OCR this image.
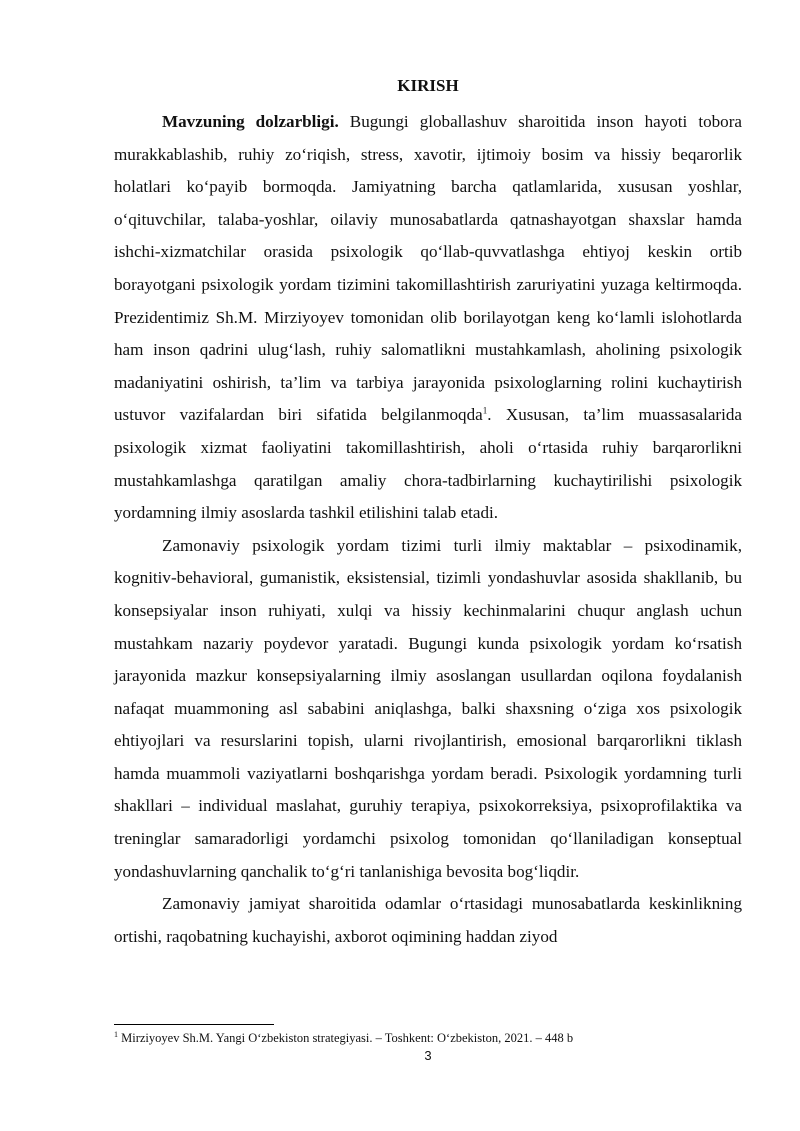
KIRISH

Mavzuning dolzarbligi. Bugungi globallashuv sharoitida inson hayoti tobora murakkablashib, ruhiy zo‘riqish, stress, xavotir, ijtimoiy bosim va hissiy beqarorlik holatlari ko‘payib bormoqda. Jamiyatning barcha qatlamlarida, xususan yoshlar, o‘qituvchilar, talaba-yoshlar, oilaviy munosabatlarda qatnashayotgan shaxslar hamda ishchi-xizmatchilar orasida psixologik qo‘llab-quvvatlashga ehtiyoj keskin ortib borayotgani psixologik yordam tizimini takomillashtirish zaruriyatini yuzaga keltirmoqda. Prezidentimiz Sh.M. Mirziyoyev tomonidan olib borilayotgan keng ko‘lamli islohotlarda ham inson qadrini ulug‘lash, ruhiy salomatlikni mustahkamlash, aholining psixologik madaniyatini oshirish, ta’lim va tarbiya jarayonida psixologlarning rolini kuchaytirish ustuvor vazifalardan biri sifatida belgilanmoqda$^1$. Xususan, ta’lim muassasalarida psixologik xizmat faoliyatini takomillashtirish, aholi o‘rtasida ruhiy barqarorlikni mustahkamlashga qaratilgan amaliy chora-tadbirlarning kuchaytirilishi psixologik yordamning ilmiy asoslarda tashkil etilishini talab etadi.

Zamonaviy psixologik yordam tizimi turli ilmiy maktablar – psixodinamik, kognitiv-behavioral, gumanistik, eksistensial, tizimli yondashuvlar asosida shakllanib, bu konsepsiyalar inson ruhiyati, xulqi va hissiy kechinmalarini chuqur anglash uchun mustahkam nazariy poydevor yaratadi. Bugungi kunda psixologik yordam ko‘rsatish jarayonida mazkur konsepsiyalarning ilmiy asoslangan usullardan oqilona foydalanish nafaqat muammoning asl sababini aniqlashga, balki shaxsning o‘ziga xos psixologik ehtiyojlari va resurslarini topish, ularni rivojlantirish, emosional barqarorlikni tiklash hamda muammoli vaziyatlarni boshqarishga yordam beradi. Psixologik yordamning turli shakllari – individual maslahat, guruhiy terapiya, psixokorreksiya, psixoprofilaktika va treninglar samaradorligi yordamchi psixolog tomonidan qo‘llaniladigan konseptual yondashuvlarning qanchalik to‘g‘ri tanlanishiga bevosita bog‘liqdir.

Zamonaviy jamiyat sharoitida odamlar o‘rtasidagi munosabatlarda keskinlikning ortishi, raqobatning kuchayishi, axborot oqimining haddan ziyod

$^1$ Mirziyoyev Sh.M. Yangi O‘zbekiston strategiyasi. – Toshkent: O‘zbekiston, 2021. – 448 b
3
